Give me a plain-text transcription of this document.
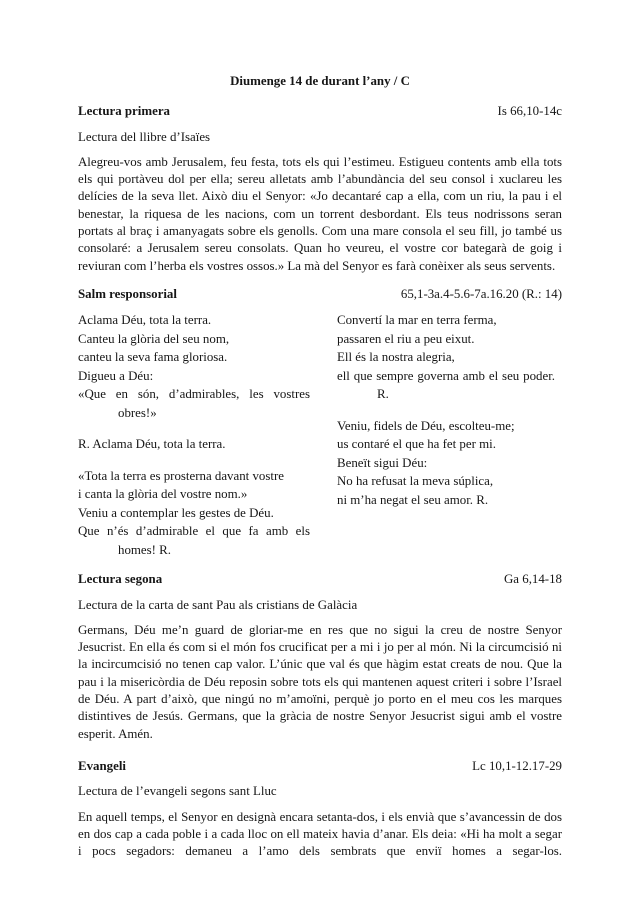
Diumenge 14 de durant l’any / C
Lectura primera	Is 66,10-14c
Lectura del llibre d’Isaïes
Alegreu-vos amb Jerusalem, feu festa, tots els qui l’estimeu. Estigueu contents amb ella tots els qui portàveu dol per ella; sereu alletats amb l’abundància del seu consol i xuclareu les delícies de la seva llet. Això diu el Senyor: «Jo decantaré cap a ella, com un riu, la pau i el benestar, la riquesa de les nacions, com un torrent desbordant. Els teus nodrissons seran portats al braç i amanyagats sobre els genolls. Com una mare consola el seu fill, jo també us consolaré: a Jerusalem sereu consolats. Quan ho veureu, el vostre cor bategarà de goig i reviuran com l’herba els vostres ossos.» La mà del Senyor es farà conèixer als seus servents.
Salm responsorial	65,1-3a.4-5.6-7a.16.20 (R.: 14)
Aclama Déu, tota la terra.
Canteu la glòria del seu nom,
canteu la seva fama gloriosa.
Digueu a Déu:
«Que en són, d’admirables, les vostres obres!»
R. Aclama Déu, tota la terra.
«Tota la terra es prosterna davant vostre
i canta la glòria del vostre nom.»
Veniu a contemplar les gestes de Déu.
Que n’és d’admirable el que fa amb els homes! R.
Convertí la mar en terra ferma,
passaren el riu a peu eixut.
Ell és la nostra alegria,
ell que sempre governa amb el seu poder. R.
Veniu, fidels de Déu, escolteu-me;
us contaré el que ha fet per mi.
Beneït sigui Déu:
No ha refusat la meva súplica,
ni m’ha negat el seu amor. R.
Lectura segona	Ga 6,14-18
Lectura de la carta de sant Pau als cristians de Galàcia
Germans, Déu me’n guard de gloriar-me en res que no sigui la creu de nostre Senyor Jesucrist. En ella és com si el món fos crucificat per a mi i jo per al món. Ni la circumcisió ni la incircumcisió no tenen cap valor. L’únic que val és que hàgim estat creats de nou. Que la pau i la misericòrdia de Déu reposin sobre tots els qui mantenen aquest criteri i sobre l’Israel de Déu. A part d’això, que ningú no m’amoïni, perquè jo porto en el meu cos les marques distintives de Jesús. Germans, que la gràcia de nostre Senyor Jesucrist sigui amb el vostre esperit. Amén.
Evangeli	Lc 10,1-12.17-29
Lectura de l’evangeli segons sant Lluc
En aquell temps, el Senyor en designà encara setanta-dos, i els envià que s’avancessin de dos en dos cap a cada poble i a cada lloc on ell mateix havia d’anar. Els deia: «Hi ha molt a segar i pocs segadors: demaneu a l’amo dels sembrats que enviï homes a segar-los.
